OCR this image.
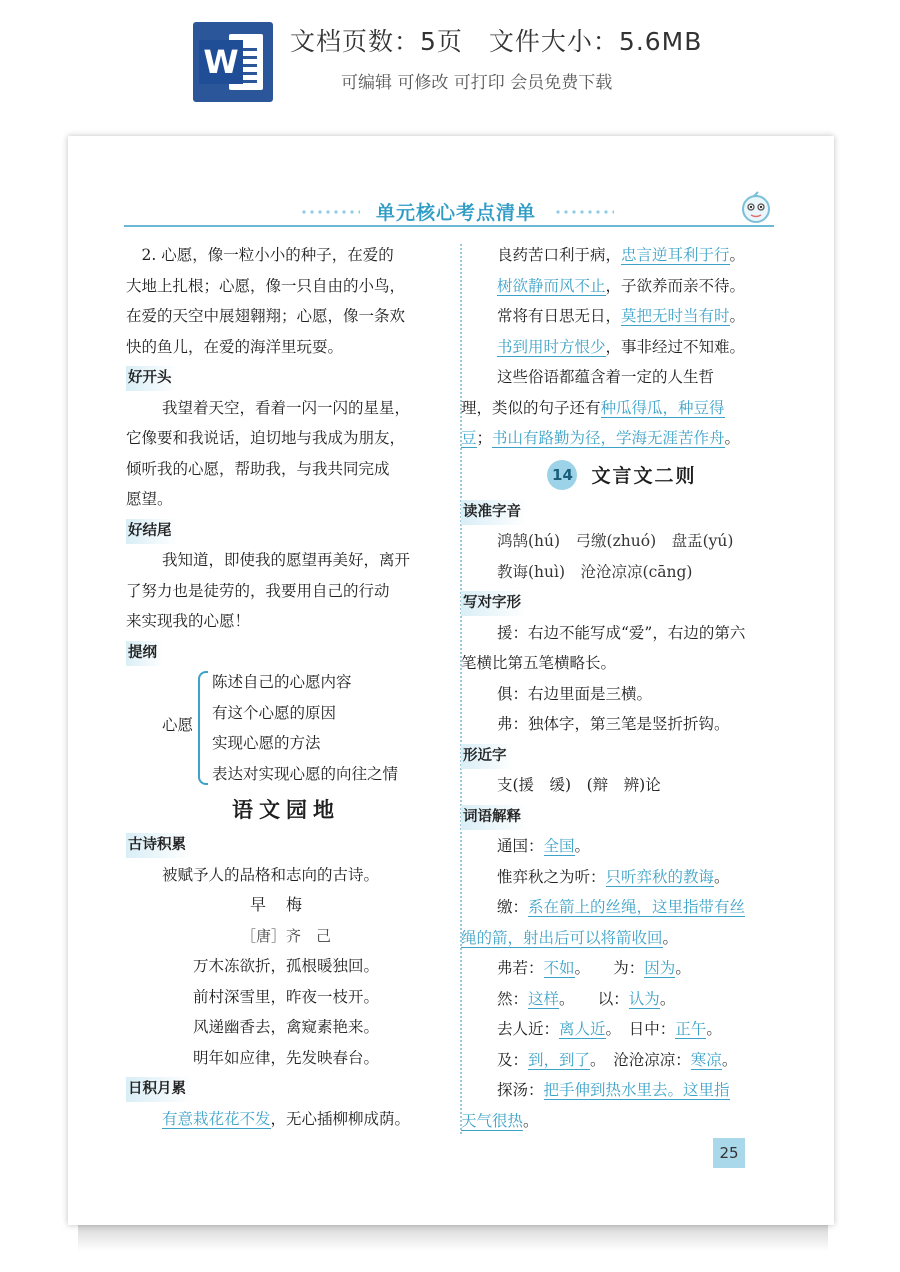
W
文档页数：5页　文件大小：5.6MB
可编辑 可修改 可打印 会员免费下载
单元核心考点清单
　2. 心愿，像一粒小小的种子，在爱的
大地上扎根；心愿，像一只自由的小鸟，
在爱的天空中展翅翱翔；心愿，像一条欢
快的鱼儿，在爱的海洋里玩耍。
好开头
我望着天空，看着一闪一闪的星星，
它像要和我说话，迫切地与我成为朋友，
倾听我的心愿，帮助我，与我共同完成
愿望。
好结尾
我知道，即使我的愿望再美好，离开
了努力也是徒劳的，我要用自己的行动
来实现我的心愿！
提纲
心愿
陈述自己的心愿内容
有这个心愿的原因
实现心愿的方法
表达对实现心愿的向往之情
语文园地
古诗积累
被赋予人的品格和志向的古诗。
早梅
［唐］齐　己
万木冻欲折，孤根暖独回。
前村深雪里，昨夜一枝开。
风递幽香去，禽窥素艳来。
明年如应律，先发映春台。
日积月累
有意栽花花不发，无心插柳柳成荫。
良药苦口利于病，忠言逆耳利于行。
树欲静而风不止，子欲养而亲不待。
常将有日思无日，莫把无时当有时。
书到用时方恨少，事非经过不知难。
这些俗语都蕴含着一定的人生哲
理，类似的句子还有种瓜得瓜，种豆得
豆；书山有路勤为径，学海无涯苦作舟。
14 文言文二则
读准字音
鸿鹄(hú)　弓缴(zhuó)　盘盂(yú)
教诲(huì)　沧沧凉凉(cāng)
写对字形
援：右边不能写成“爱”，右边的第六
笔横比第五笔横略长。
俱：右边里面是三横。
弗：独体字，第三笔是竖折折钩。
形近字
支(援　缓)　(辩　辨)论
词语解释
通国：全国。
惟弈秋之为听：只听弈秋的教诲。
缴：系在箭上的丝绳，这里指带有丝
绳的箭，射出后可以将箭收回。
弗若：不如。　　为：因为。
然：这样。　　以：认为。
去人近：离人近。　日中：正午。
及：到，到了。　沧沧凉凉：寒凉。
探汤：把手伸到热水里去。这里指
天气很热。
25
